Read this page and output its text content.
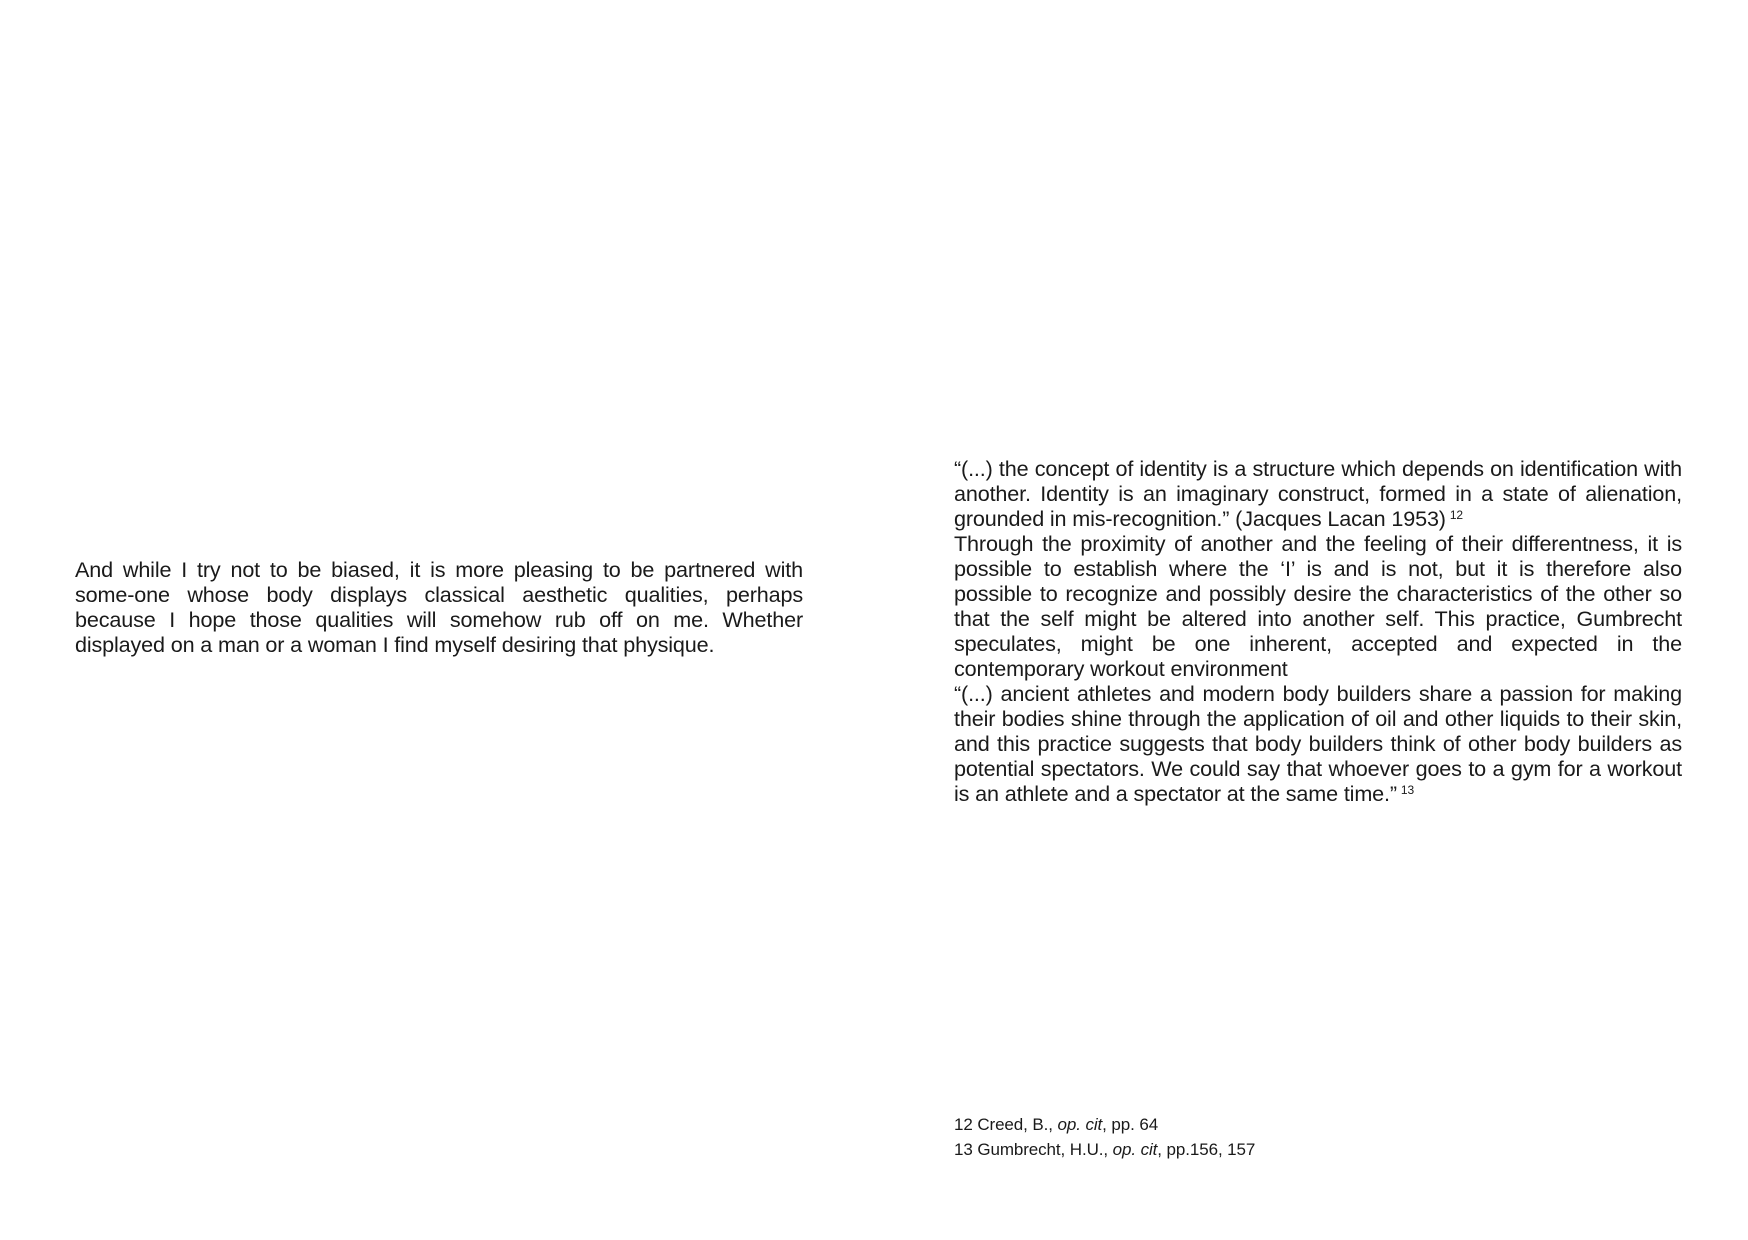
And while I try not to be biased, it is more pleasing to be partnered with some-one whose body displays classical aesthetic qualities, perhaps because I hope those qualities will somehow rub off on me. Whether displayed on a man or a woman I find myself desiring that physique.

“(...) the concept of identity is a structure which depends on identification with another. Identity is an imaginary construct, formed in a state of alienation, grounded in mis-recognition.” (Jacques Lacan 1953) $^{12}$

Through the proximity of another and the feeling of their differentness, it is possible to establish where the ‘I’ is and is not, but it is therefore also possible to recognize and possibly desire the characteristics of the other so that the self might be altered into another self. This practice, Gumbrecht speculates, might be one inherent, accepted and expected in the contemporary workout environment

“(...) ancient athletes and modern body builders share a passion for making their bodies shine through the application of oil and other liquids to their skin, and this practice suggests that body builders think of other body builders as potential spectators. We could say that whoever goes to a gym for a workout is an athlete and a spectator at the same time.” $^{13}$

12 Creed, B., op. cit, pp. 64
13 Gumbrecht, H.U., op. cit, pp.156, 157
